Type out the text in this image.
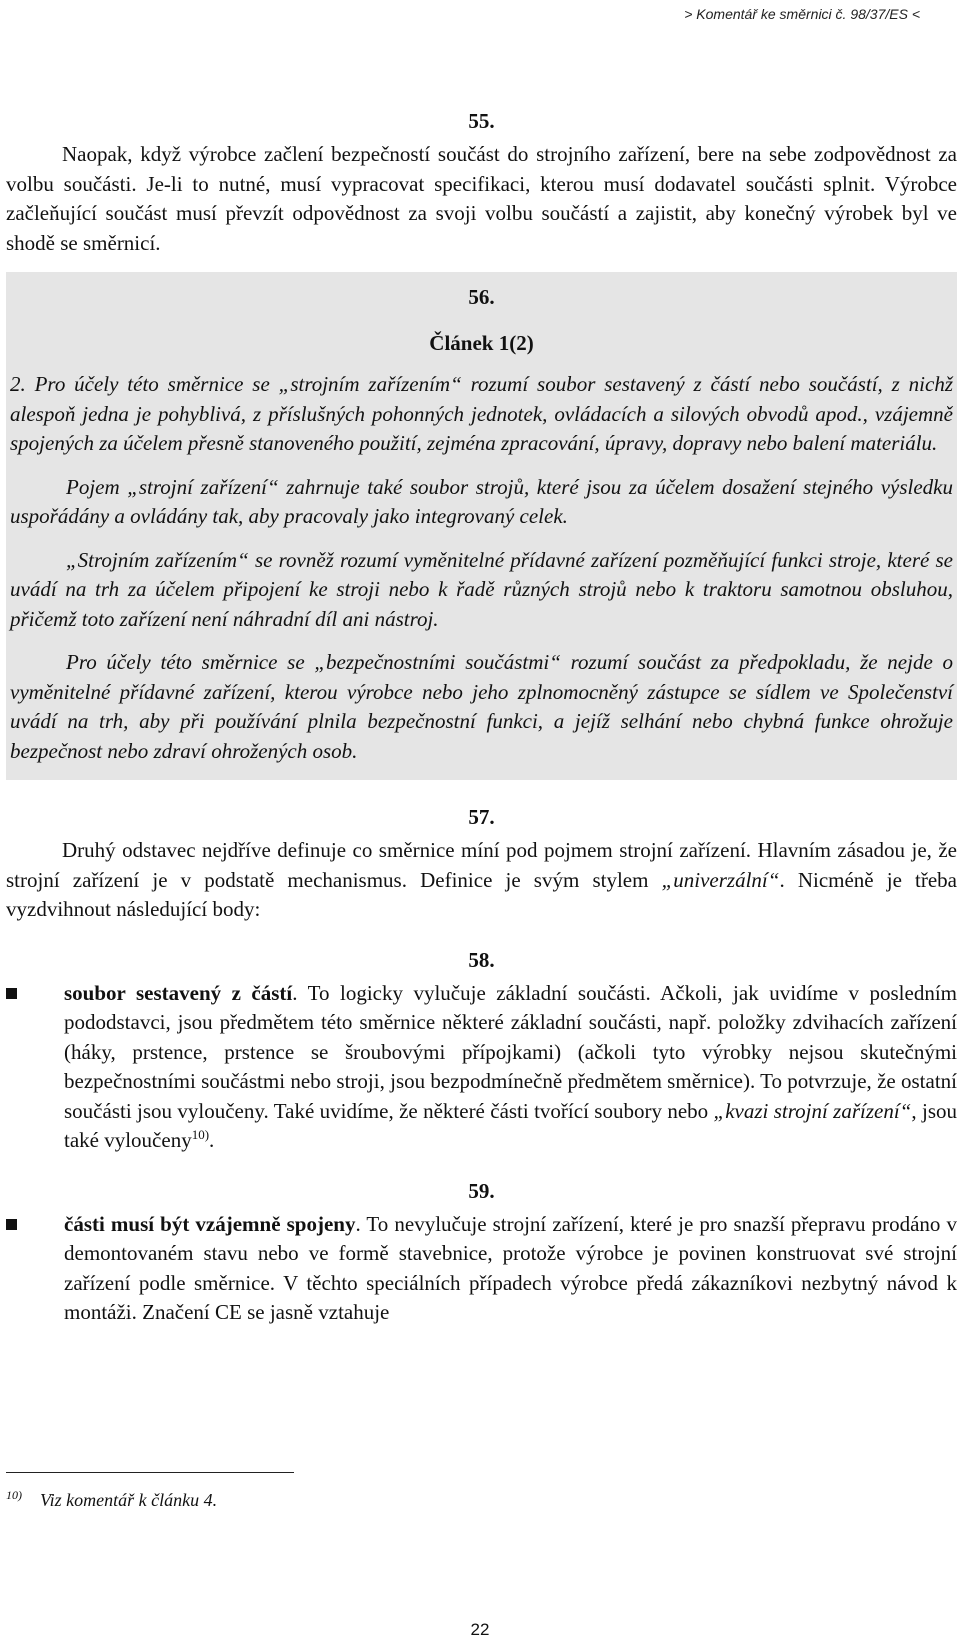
> Komentář ke směrnici č. 98/37/ES <
55.

Naopak, když výrobce začlení bezpečností součást do strojního zařízení, bere na sebe zodpovědnost za volbu součásti. Je-li to nutné, musí vypracovat specifikaci, kterou musí dodavatel součásti splnit. Výrobce začleňující součást musí převzít odpovědnost za svoji volbu součástí a zajistit, aby konečný výrobek byl ve shodě se směrnicí.

56.
Článek 1(2)

2. Pro účely této směrnice se „strojním zařízením“ rozumí soubor sestavený z částí nebo součástí, z nichž alespoň jedna je pohyblivá, z příslušných pohonných jednotek, ovládacích a silových obvodů apod., vzájemně spojených za účelem přesně stanoveného použití, zejména zpracování, úpravy, dopravy nebo balení materiálu.

Pojem „strojní zařízení“ zahrnuje také soubor strojů, které jsou za účelem dosažení stejného výsledku uspořádány a ovládány tak, aby pracovaly jako integrovaný celek.

„Strojním zařízením“ se rovněž rozumí vyměnitelné přídavné zařízení pozměňující funkci stroje, které se uvádí na trh za účelem připojení ke stroji nebo k řadě různých strojů nebo k traktoru samotnou obsluhou, přičemž toto zařízení není náhradní díl ani nástroj.

Pro účely této směrnice se „bezpečnostními součástmi“ rozumí součást za předpokladu, že nejde o vyměnitelné přídavné zařízení, kterou výrobce nebo jeho zplnomocněný zástupce se sídlem ve Společenství uvádí na trh, aby při používání plnila bezpečnostní funkci, a jejíž selhání nebo chybná funkce ohrožuje bezpečnost nebo zdraví ohrožených osob.

57.

Druhý odstavec nejdříve definuje co směrnice míní pod pojmem strojní zařízení. Hlavním zásadou je, že strojní zařízení je v podstatě mechanismus. Definice je svým stylem „univerzální“. Nicméně je třeba vyzdvihnout následující body:

58.

soubor sestavený z částí. To logicky vylučuje základní součásti. Ačkoli, jak uvidíme v posledním pododstavci, jsou předmětem této směrnice některé základní součásti, např. položky zdvihacích zařízení (háky, prstence, prstence se šroubovými přípojkami) (ačkoli tyto výrobky nejsou skutečnými bezpečnostními součástmi nebo stroji, jsou bezpodmínečně předmětem směrnice). To potvrzuje, že ostatní součásti jsou vyloučeny. Také uvidíme, že některé části tvořící soubory nebo „kvazi strojní zařízení“, jsou také vyloučeny$^{10)}$.

59.

části musí být vzájemně spojeny. To nevylučuje strojní zařízení, které je pro snazší přepravu prodáno v demontovaném stavu nebo ve formě stavebnice, protože výrobce je povinen konstruovat své strojní zařízení podle směrnice. V těchto speciálních případech výrobce předá zákazníkovi nezbytný návod k montáži. Značení CE se jasně vztahuje

$^{10)}$ Viz komentář k článku 4.
22
